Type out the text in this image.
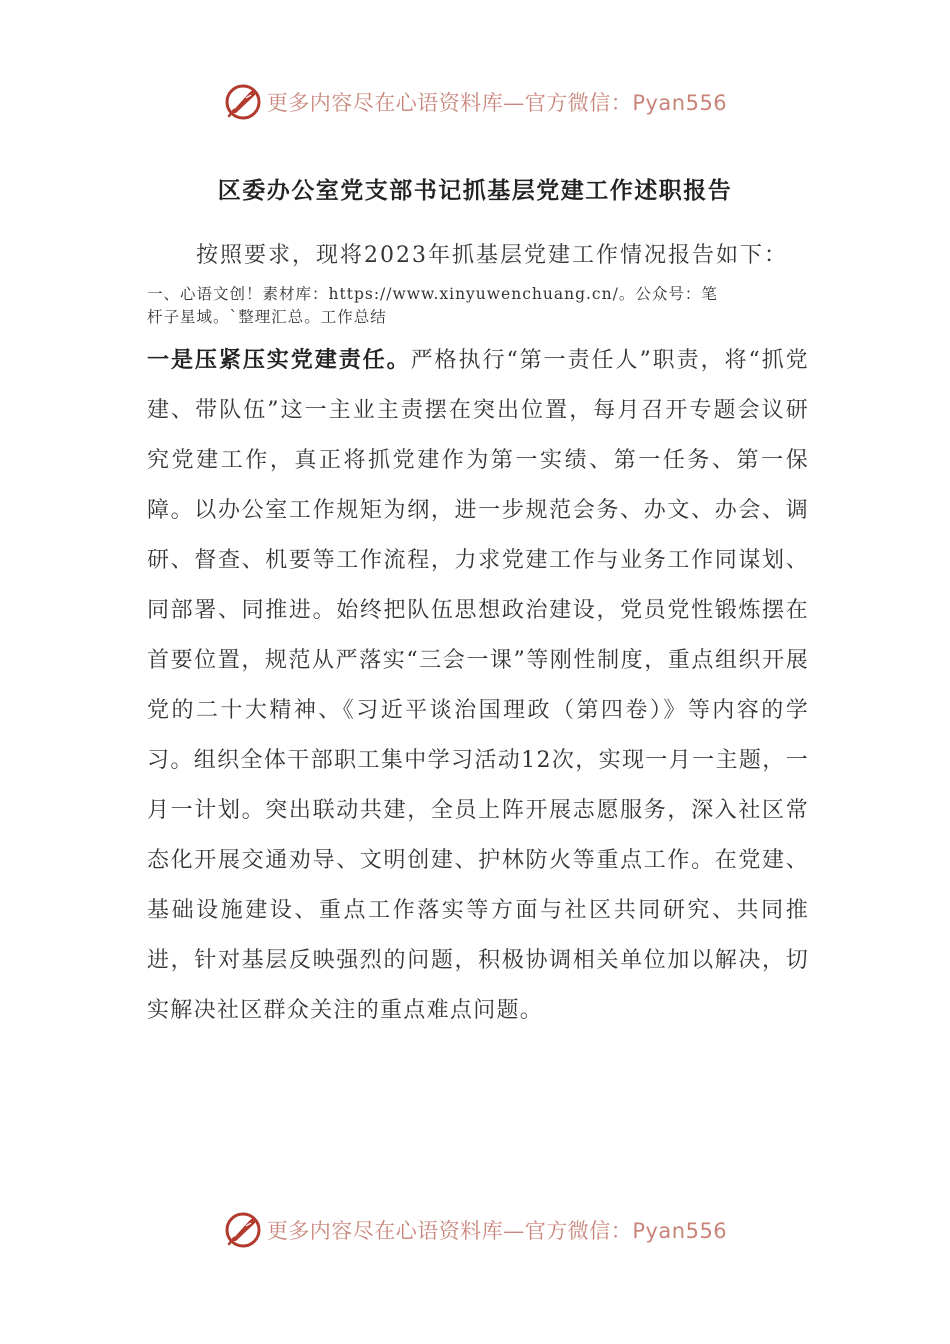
更多内容尽在心语资料库—官方微信：Pyan556
区委办公室党支部书记抓基层党建工作述职报告

按照要求，现将2023年抓基层党建工作情况报告如下：

一、心语文创！素材库：https://www.xinyuwenchuang.cn/。公众号：笔
杆子星域。`整理汇总。工作总结

一是压紧压实党建责任。严格执行“第一责任人”职责，将“抓党建、带队伍”这一主业主责摆在突出位置，每月召开专题会议研究党建工作，真正将抓党建作为第一实绩、第一任务、第一保障。以办公室工作规矩为纲，进一步规范会务、办文、办会、调研、督查、机要等工作流程，力求党建工作与业务工作同谋划、同部署、同推进。始终把队伍思想政治建设，党员党性锻炼摆在首要位置，规范从严落实“三会一课”等刚性制度，重点组织开展党的二十大精神、《习近平谈治国理政（第四卷）》等内容的学习。组织全体干部职工集中学习活动12次，实现一月一主题，一月一计划。突出联动共建，全员上阵开展志愿服务，深入社区常态化开展交通劝导、文明创建、护林防火等重点工作。在党建、基础设施建设、重点工作落实等方面与社区共同研究、共同推进，针对基层反映强烈的问题，积极协调相关单位加以解决，切实解决社区群众关注的重点难点问题。

更多内容尽在心语资料库—官方微信：Pyan556
